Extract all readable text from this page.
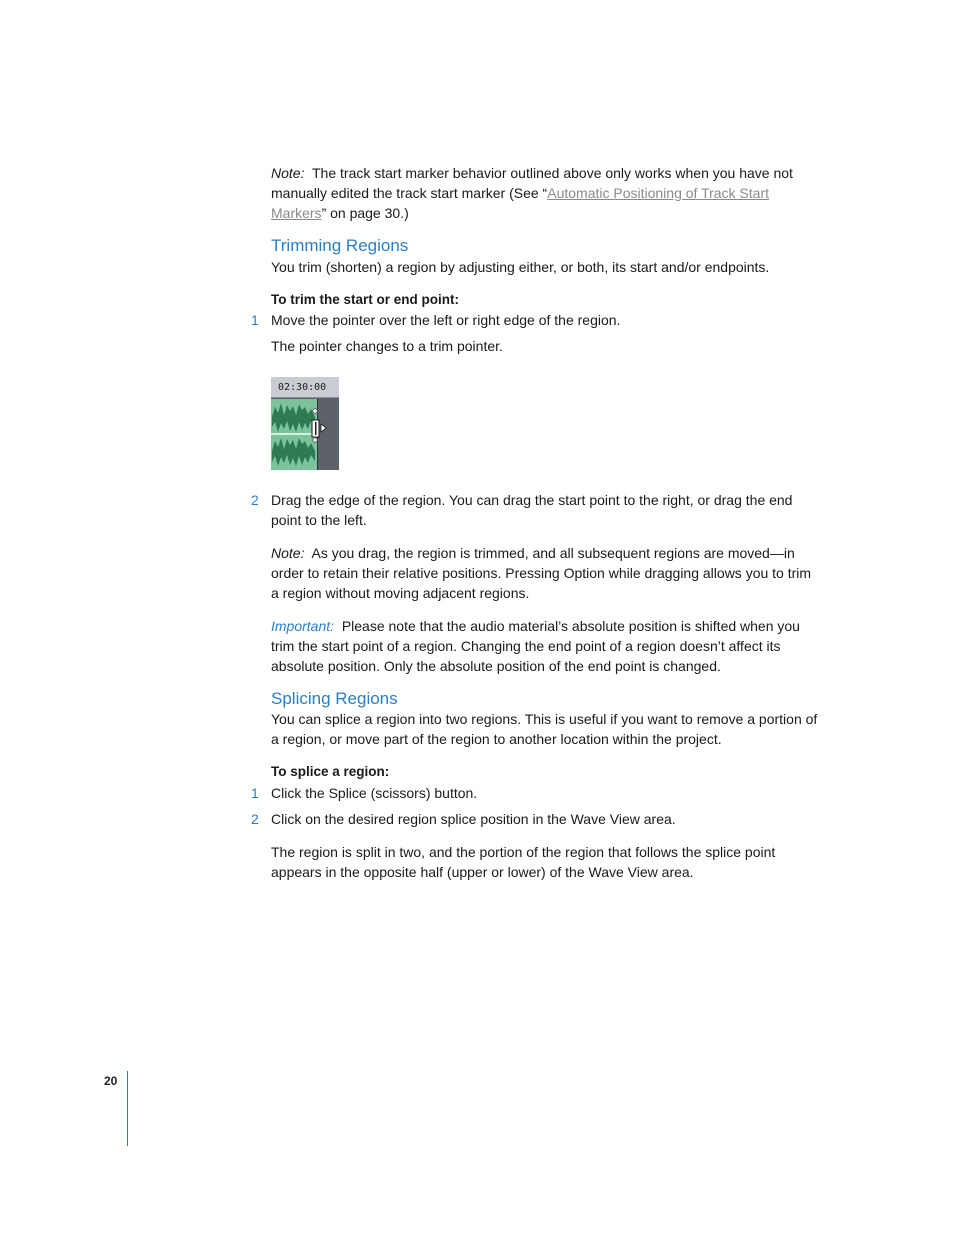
Note: The track start marker behavior outlined above only works when you have not manually edited the track start marker (See “Automatic Positioning of Track Start Markers” on page 30.)

Trimming Regions

You trim (shorten) a region by adjusting either, or both, its start and/or endpoints.

To trim the start or end point:
1 Move the pointer over the left or right edge of the region.

The pointer changes to a trim pointer.

02:30:00
2 Drag the edge of the region. You can drag the start point to the right, or drag the end point to the left.

Note: As you drag, the region is trimmed, and all subsequent regions are moved—in order to retain their relative positions. Pressing Option while dragging allows you to trim a region without moving adjacent regions.

Important: Please note that the audio material’s absolute position is shifted when you trim the start point of a region. Changing the end point of a region doesn’t affect its absolute position. Only the absolute position of the end point is changed.

Splicing Regions

You can splice a region into two regions. This is useful if you want to remove a portion of a region, or move part of the region to another location within the project.

To splice a region:
1 Click the Splice (scissors) button.

2 Click on the desired region splice position in the Wave View area.

The region is split in two, and the portion of the region that follows the splice point appears in the opposite half (upper or lower) of the Wave View area.

20
